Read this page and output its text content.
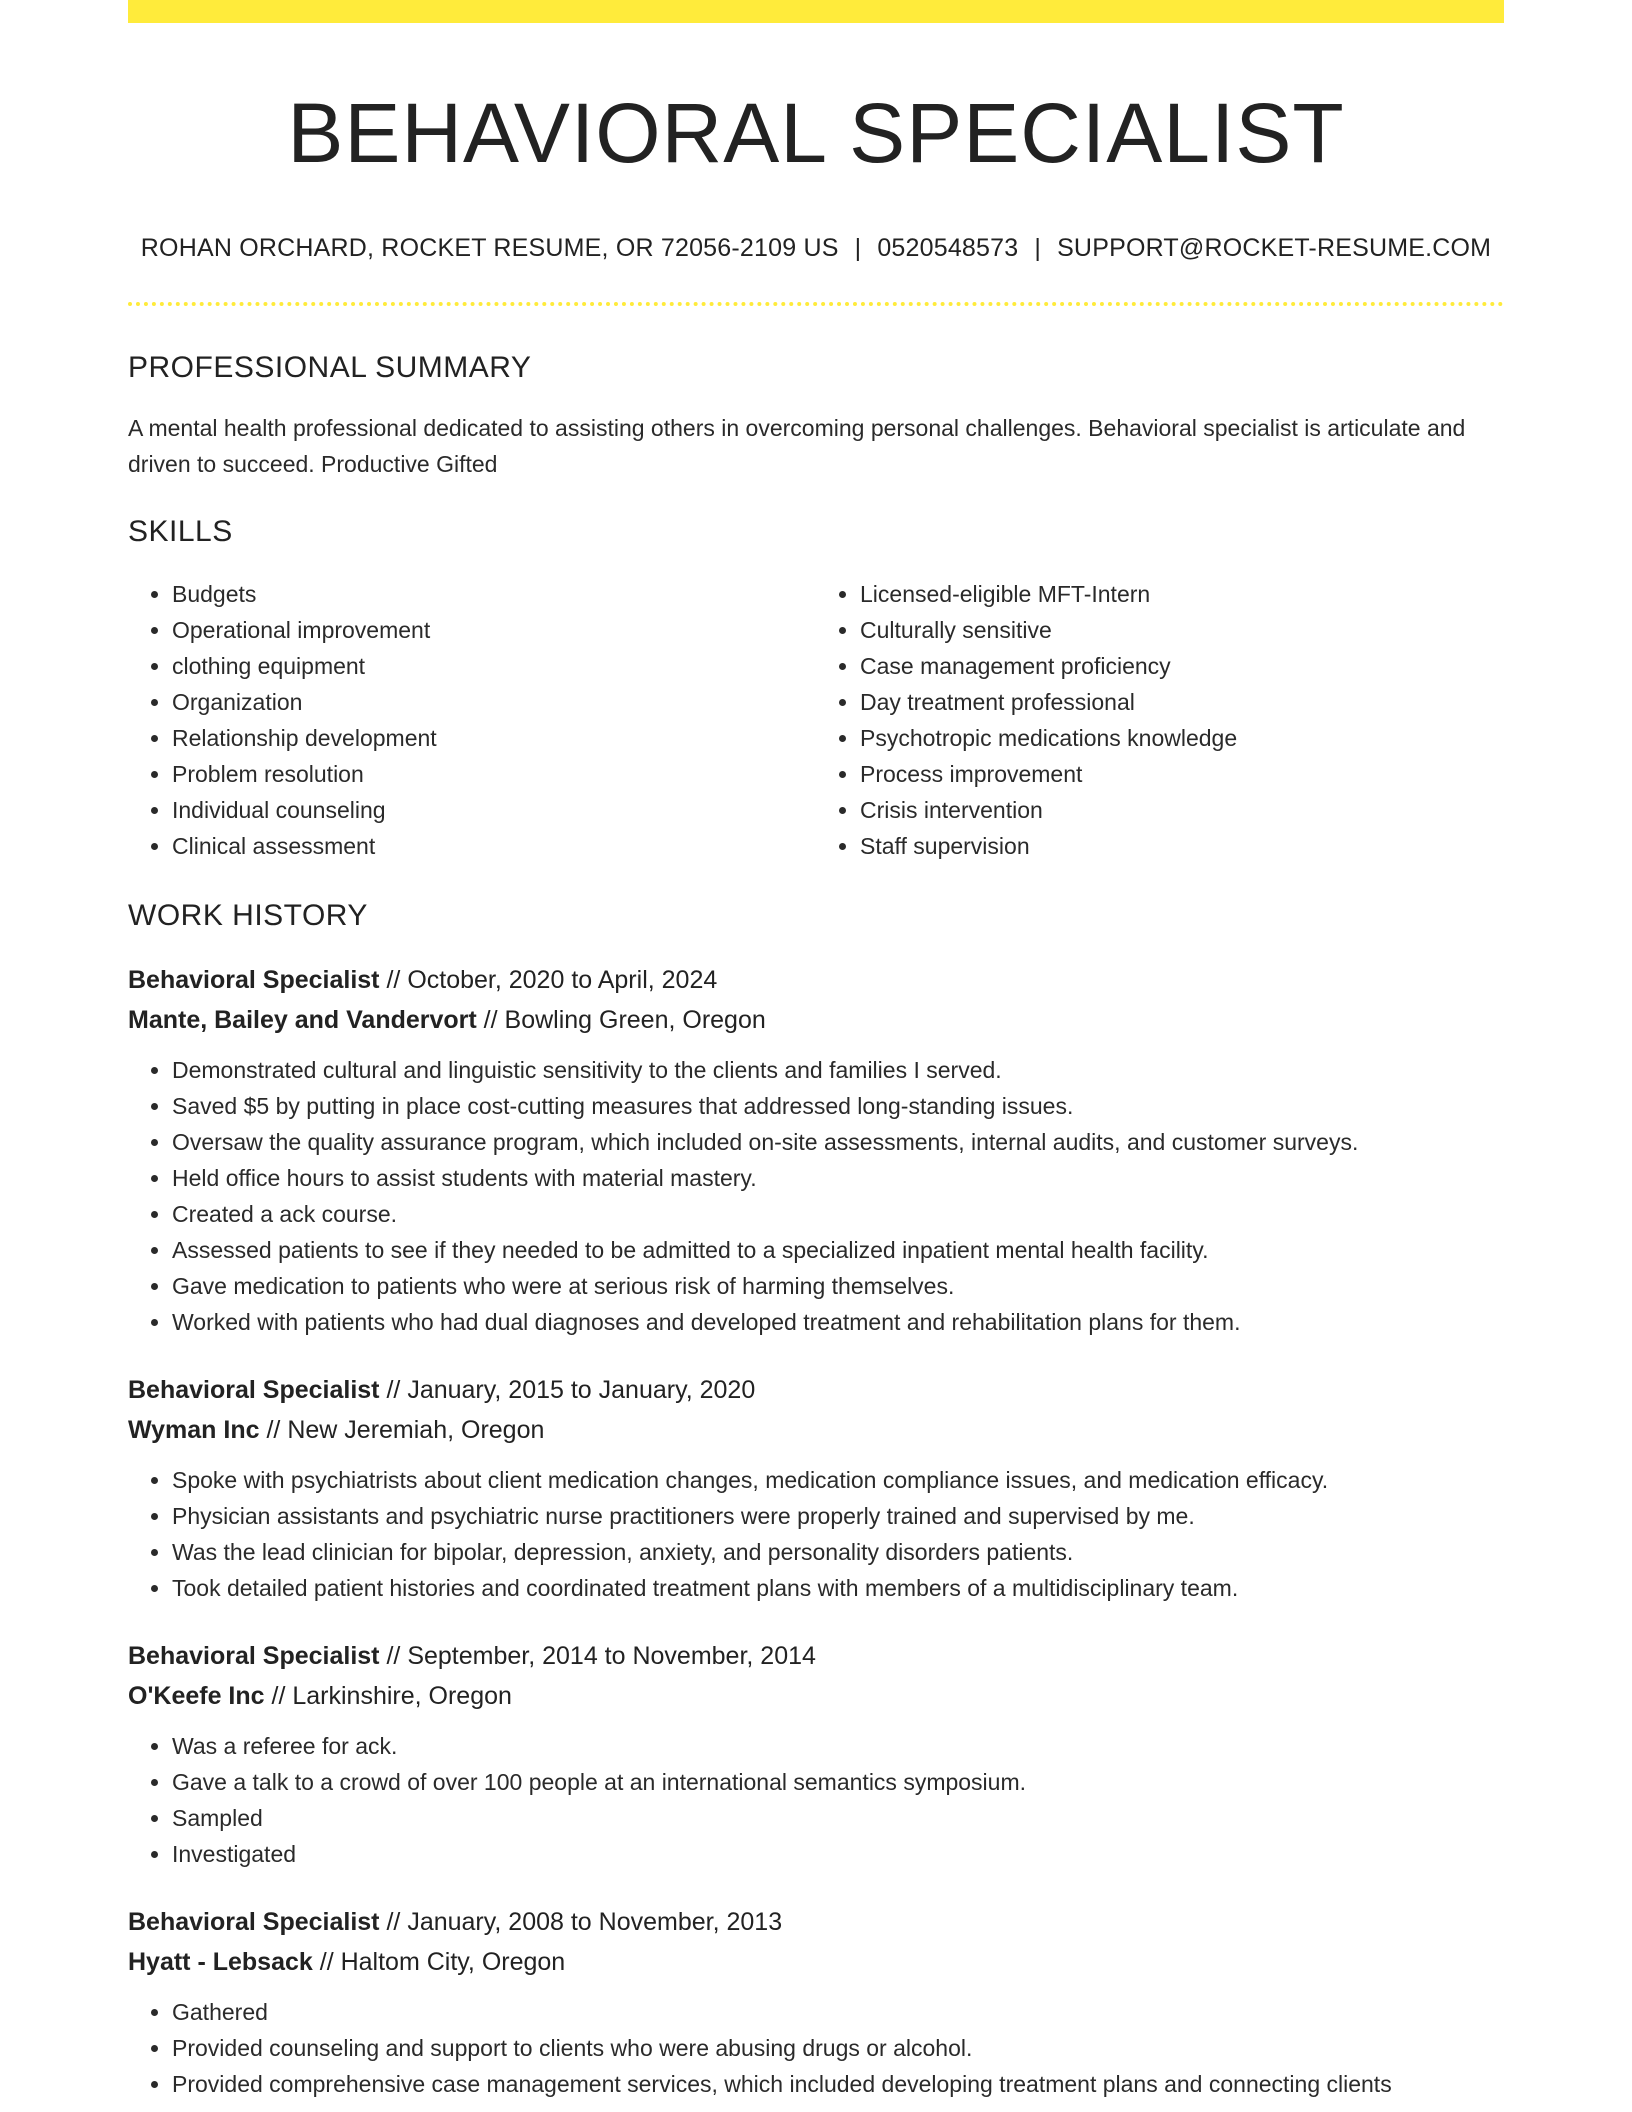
BEHAVIORAL SPECIALIST
ROHAN ORCHARD, ROCKET RESUME, OR 72056-2109 US | 0520548573 | SUPPORT@ROCKET-RESUME.COM
PROFESSIONAL SUMMARY

A mental health professional dedicated to assisting others in overcoming personal challenges. Behavioral specialist is articulate and driven to succeed. Productive Gifted

SKILLS
• Budgets
• Operational improvement
• clothing equipment
• Organization
• Relationship development
• Problem resolution
• Individual counseling
• Clinical assessment
• Licensed-eligible MFT-Intern
• Culturally sensitive
• Case management proficiency
• Day treatment professional
• Psychotropic medications knowledge
• Process improvement
• Crisis intervention
• Staff supervision
WORK HISTORY
Behavioral Specialist // October, 2020 to April, 2024
Mante, Bailey and Vandervort // Bowling Green, Oregon
• Demonstrated cultural and linguistic sensitivity to the clients and families I served.
• Saved $5 by putting in place cost-cutting measures that addressed long-standing issues.
• Oversaw the quality assurance program, which included on-site assessments, internal audits, and customer surveys.
• Held office hours to assist students with material mastery.
• Created a ack course.
• Assessed patients to see if they needed to be admitted to a specialized inpatient mental health facility.
• Gave medication to patients who were at serious risk of harming themselves.
• Worked with patients who had dual diagnoses and developed treatment and rehabilitation plans for them.
Behavioral Specialist // January, 2015 to January, 2020
Wyman Inc // New Jeremiah, Oregon
• Spoke with psychiatrists about client medication changes, medication compliance issues, and medication efficacy.
• Physician assistants and psychiatric nurse practitioners were properly trained and supervised by me.
• Was the lead clinician for bipolar, depression, anxiety, and personality disorders patients.
• Took detailed patient histories and coordinated treatment plans with members of a multidisciplinary team.
Behavioral Specialist // September, 2014 to November, 2014
O'Keefe Inc // Larkinshire, Oregon
• Was a referee for ack.
• Gave a talk to a crowd of over 100 people at an international semantics symposium.
• Sampled
• Investigated
Behavioral Specialist // January, 2008 to November, 2013
Hyatt - Lebsack // Haltom City, Oregon
• Gathered
• Provided counseling and support to clients who were abusing drugs or alcohol.
• Provided comprehensive case management services, which included developing treatment plans and connecting clients
